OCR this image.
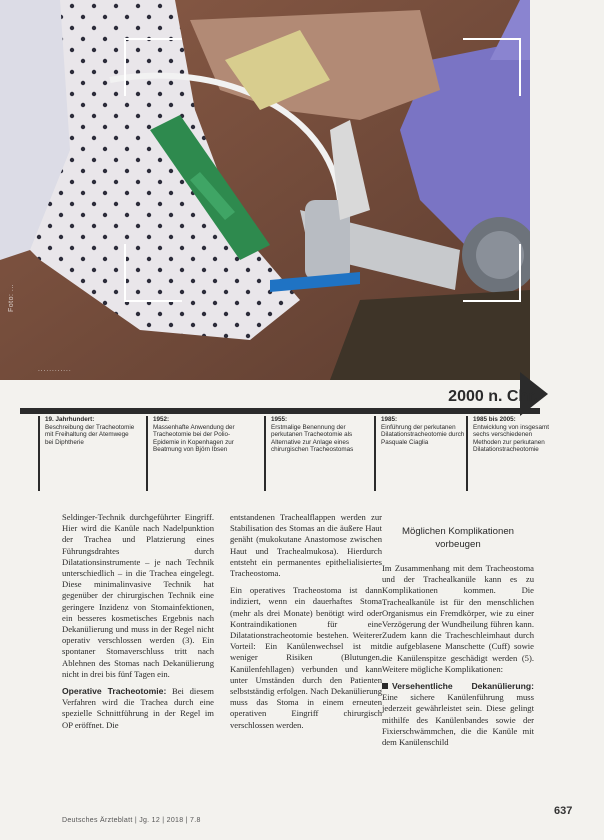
Foto: ...
............
2000 n. Chr.
19. Jahrhundert:
Beschreibung der Tracheotomie mit Freihaltung der Atemwege bei Diphtherie
1952:
Massenhafte Anwendung der Tracheotomie bei der Polio-Epidemie in Kopenhagen zur Beatmung von Björn Ibsen
1955:
Erstmalige Benennung der perkutanen Tracheotomie als Alternative zur Anlage eines chirurgischen Tracheostomas
1985:
Einführung der perkutanen Dilatationstracheotomie durch Pasquale Ciaglia
1985 bis 2005:
Entwicklung von insgesamt sechs verschiedenen Methoden zur perkutanen Dilatationstracheotomie

Seldinger-Technik durchgeführter Eingriff. Hier wird die Kanüle nach Nadelpunktion der Trachea und Platzierung eines Führungsdrahtes durch Dilatationsinstrumente – je nach Technik unterschiedlich – in die Trachea eingelegt. Diese minimalinvasive Technik hat gegenüber der chirurgischen Technik eine geringere Inzidenz von Stomainfektionen, ein besseres kosmetisches Ergebnis nach Dekanülierung und muss in der Regel nicht operativ verschlossen werden (3). Ein spontaner Stomaverschluss tritt nach Ablehnen des Stomas nach Dekanülierung nicht in drei bis fünf Tagen ein.

Operative Tracheotomie: Bei diesem Verfahren wird die Trachea durch eine spezielle Schnittführung in der Regel im OP eröffnet. Die

entstandenen Trachealflappen werden zur Stabilisation des Stomas an die äußere Haut genäht (mukokutane Anastomose zwischen Haut und Trachealmukosa). Hierdurch entsteht ein permanentes epithelialisiertes Tracheostoma.

Ein operatives Tracheostoma ist dann indiziert, wenn ein dauerhaftes Stoma (mehr als drei Monate) benötigt wird oder Kontraindikationen für eine Dilatationstracheotomie bestehen. Weiterer Vorteil: Ein Kanülenwechsel ist mit weniger Risiken (Blutungen, Kanülenfehllagen) verbunden und kann unter Umständen durch den Patienten selbstständig erfolgen. Nach Dekanülierung muss das Stoma in einem erneuten operativen Eingriff chirurgisch verschlossen werden.

Möglichen Komplikationen vorbeugen

Im Zusammenhang mit dem Tracheostoma und der Trachealkanüle kann es zu Komplikationen kommen. Die Trachealkanüle ist für den menschlichen Organismus ein Fremdkörper, wie zu einer Verzögerung der Wundheilung führen kann. Zudem kann die Tracheschleimhaut durch die aufgeblasene Manschette (Cuff) sowie die Kanülenspitze geschädigt werden (5). Weitere mögliche Komplikationen:

Versehentliche Dekanülierung: Eine sichere Kanülenführung muss jederzeit gewährleistet sein. Diese gelingt mithilfe des Kanülenbandes sowie der Fixierschwämmchen, die die Kanüle mit dem Kanülenschild

Deutsches Ärzteblatt | Jg. 12 | 2018 | 7.8
637
